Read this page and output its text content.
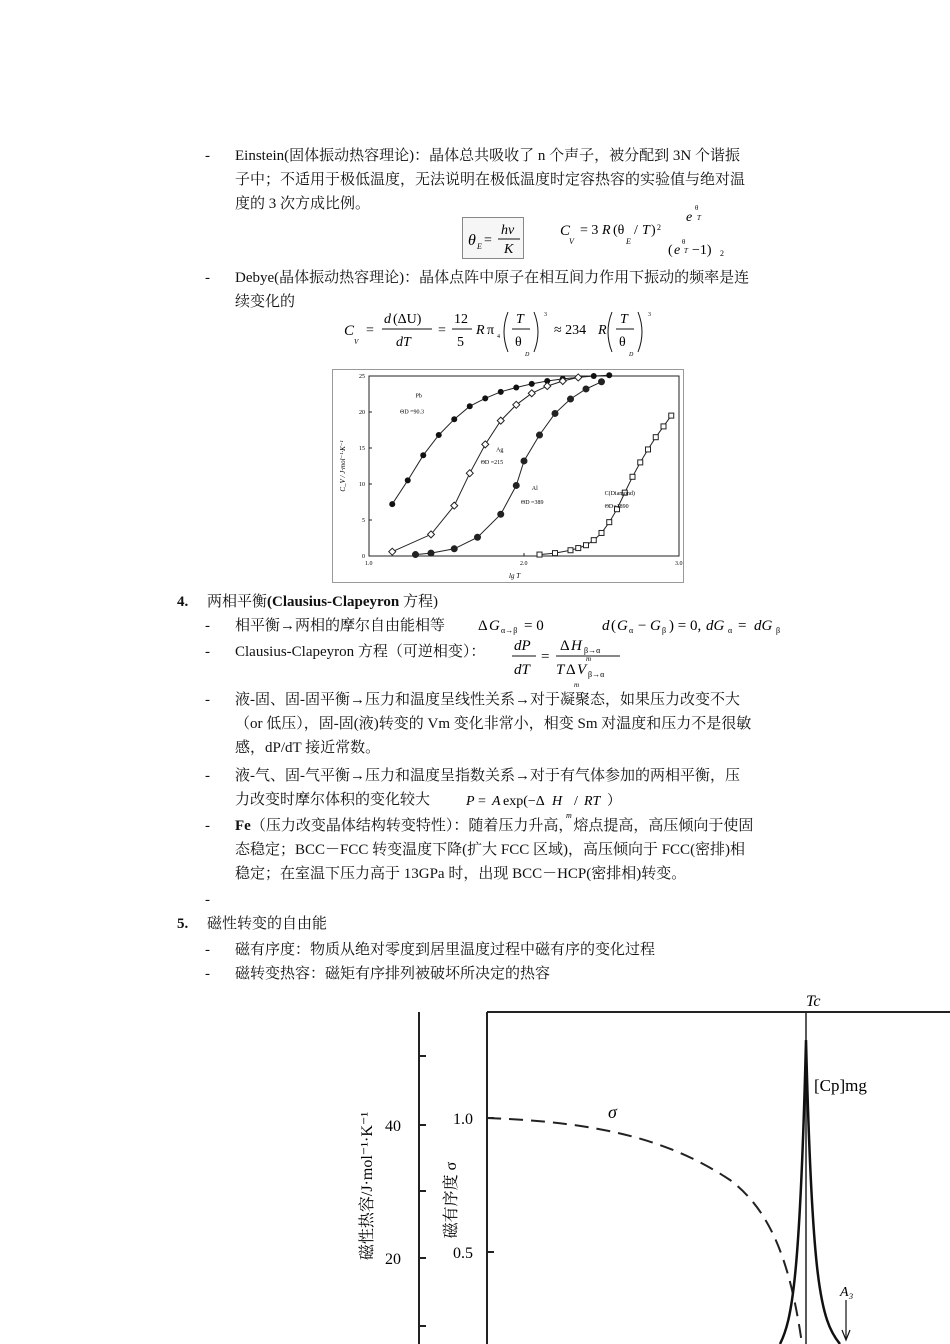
- Einstein(固体振动热容理论)：晶体总共吸收了 n 个声子，被分配到 3N 个谐振
子中；不适用于极低温度，无法说明在极低温度时定容热容的实验值与绝对温
度的 3 次方成比例。
θ E =
hν
K
C
V
= 3 R (θ
E
/ T ) 2
e
θ
T
( e
θ
T −1) 2
- Debye(晶体振动热容理论)：晶体点阵中原子在相互间力作用下振动的频率是连
续变化的
C
V
=
d (ΔU)
dT
=
12
5
R π 4
T
θ
D
3
≈ 234 R
T
θ
D
3
lg T
C_V / J·mol⁻¹·K⁻¹
1.0	2.0	3.0
0
5
10
15
20
25
Pb
ΘD =90.3
Ag
ΘD =215
Al
ΘD =389
C(Diamond)
ΘD=1890
4. 两相平衡(Clausius-Clapeyron 方程)
- 相平衡→两相的摩尔自由能相等 Δ G α→β = 0	d ( G α − G β ) = 0, dG α = dG β
- Clausius-Clapeyron 方程（可逆相变）： dP
dT
=
Δ H β→α
m
T Δ V β→α
m
- 液-固、固-固平衡→压力和温度呈线性关系→对于凝聚态，如果压力改变不大
（or 低压），固-固(液)转变的 Vm 变化非常小，相变 Sm 对温度和压力不是很敏
感，dP/dT 接近常数。
- 液-气、固-气平衡→压力和温度呈指数关系→对于有气体参加的两相平衡，压
力改变时摩尔体积的变化较大	P = A exp(−Δ H
m
/ RT ）
- Fe（压力改变晶体结构转变特性）：随着压力升高，熔点提高，高压倾向于使固
态稳定；BCC－FCC 转变温度下降(扩大 FCC 区域)，高压倾向于 FCC(密排)相
稳定；在室温下压力高于 13GPa 时，出现 BCC－HCP(密排相)转变。
-
5. 磁性转变的自由能
- 磁有序度：物质从绝对零度到居里温度过程中磁有序的变化过程
- 磁转变热容：磁矩有序排列被破坏所决定的热容
40
20
磁性热容/J·mol⁻¹·K⁻¹	1.0
0.5
磁有序度 σ
Tc
σ
[Cp]mg
A₃
